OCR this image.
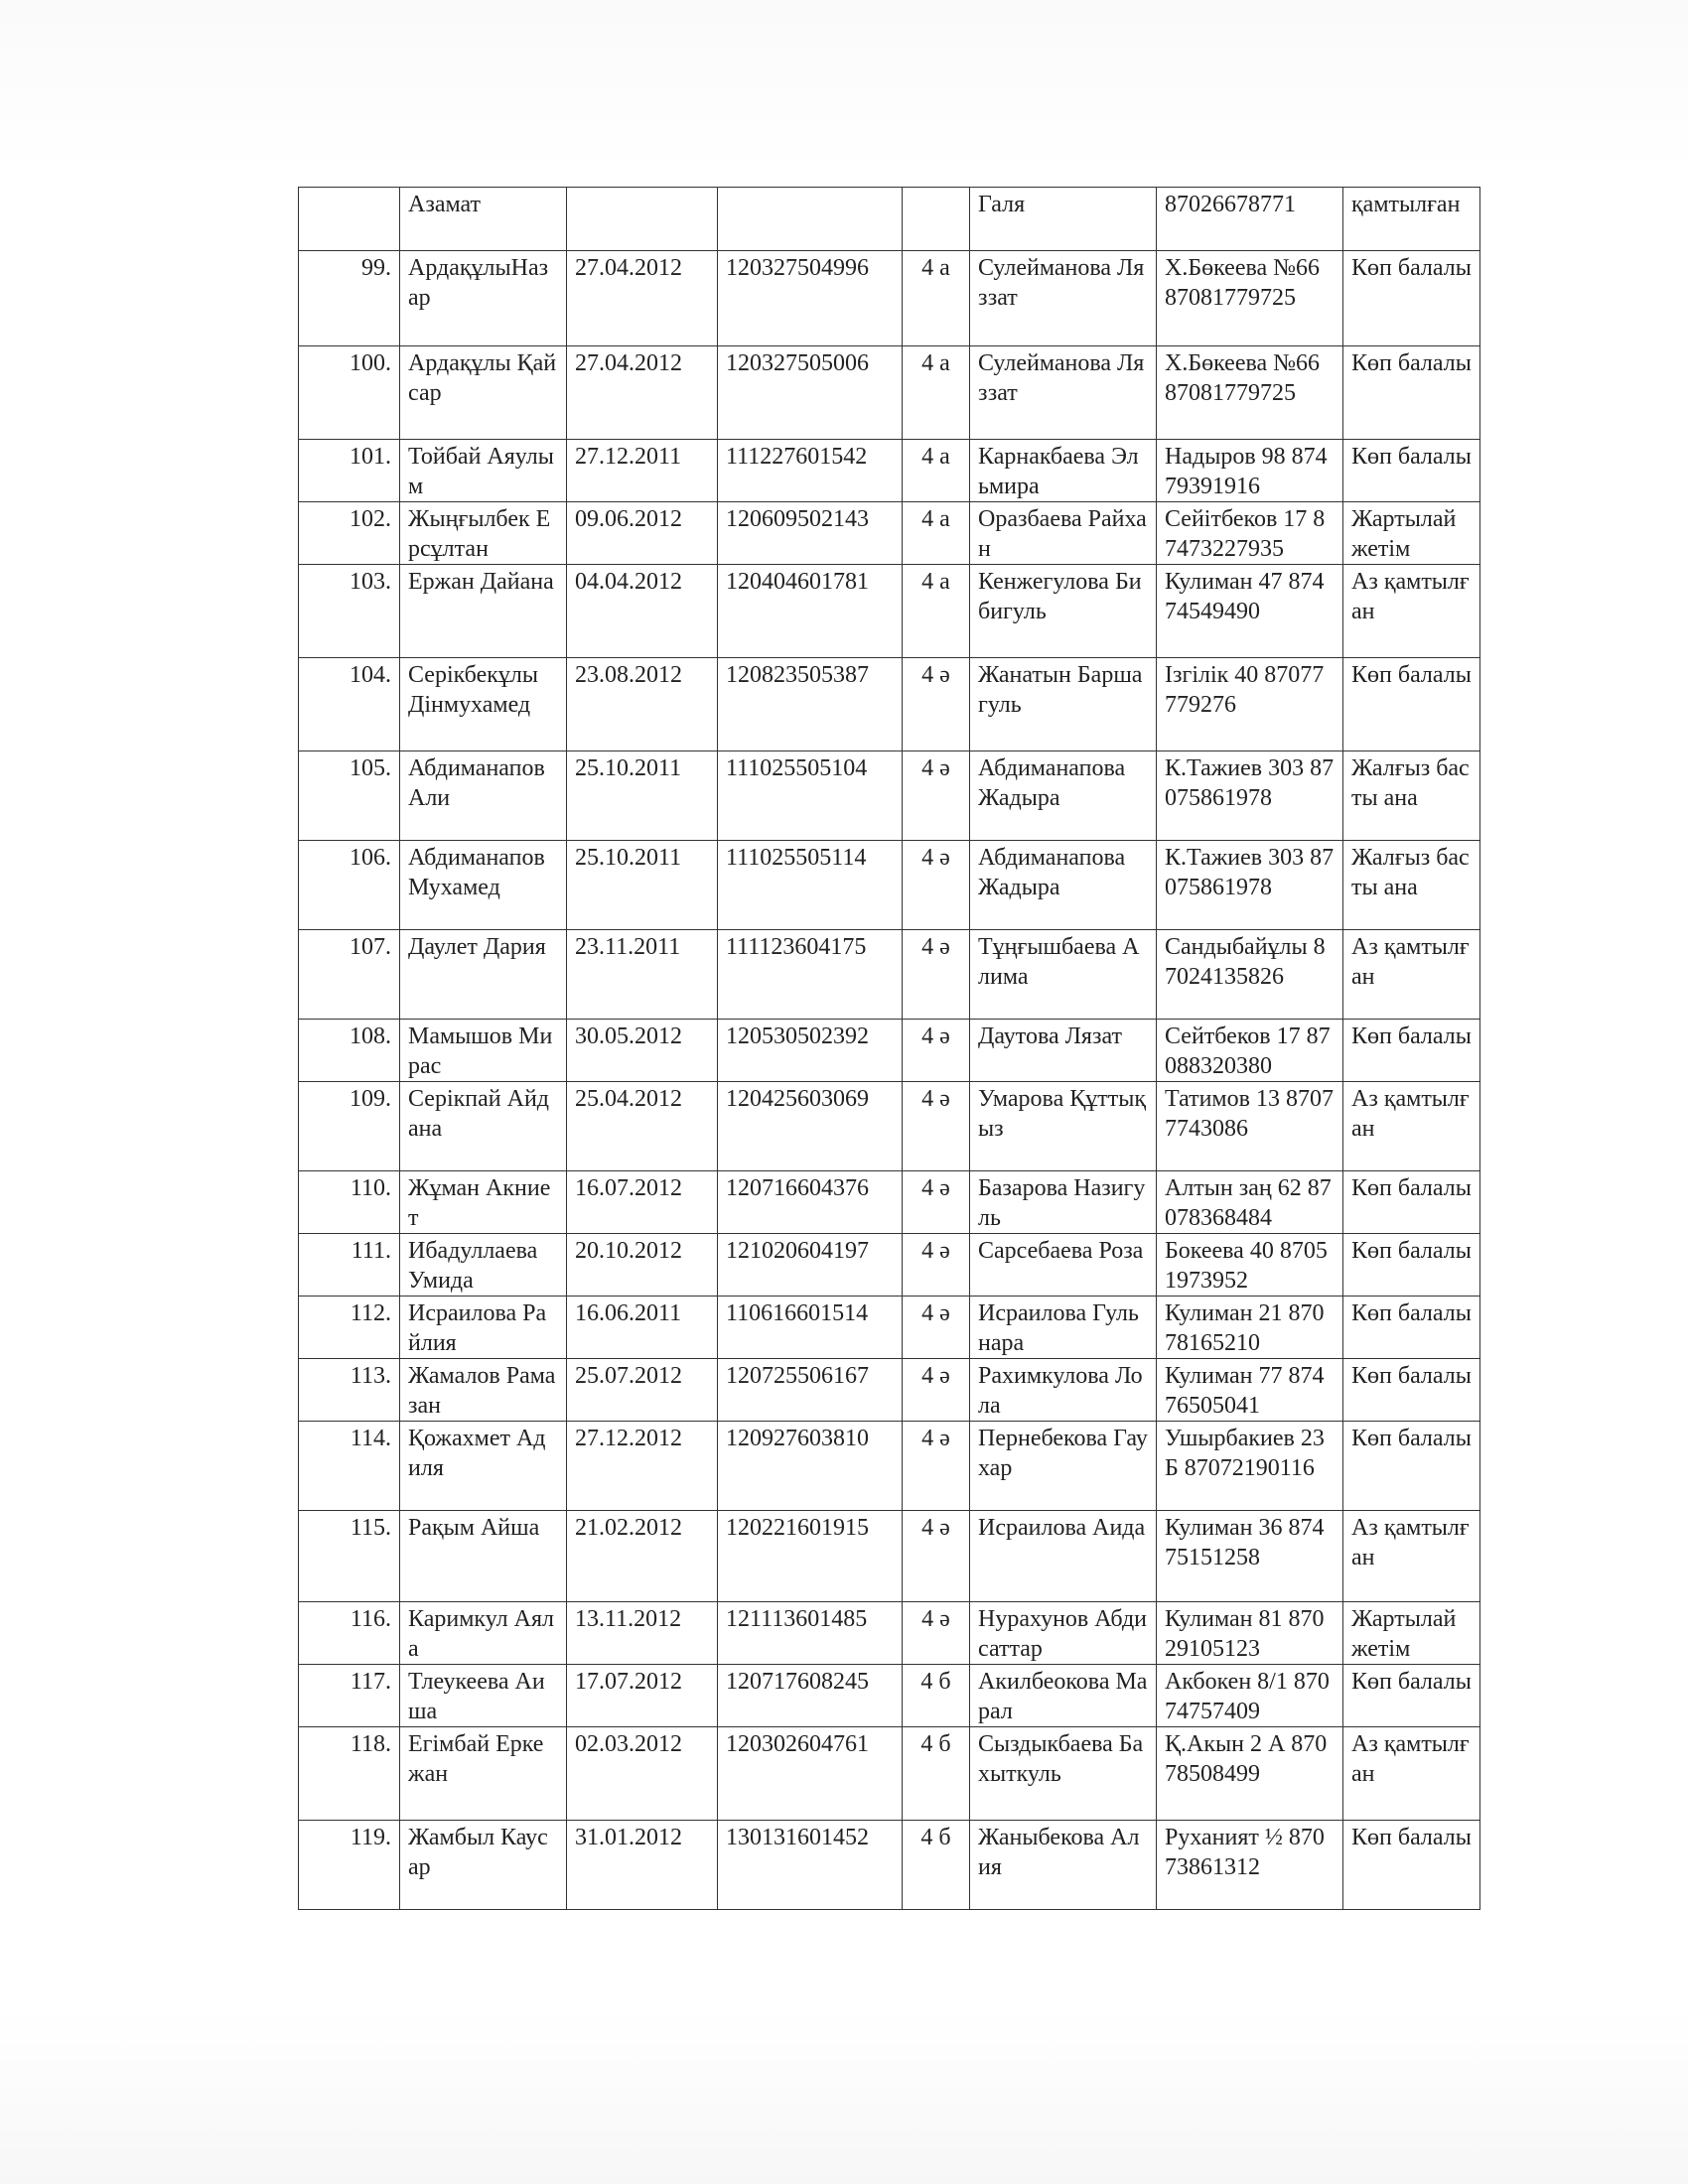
	Азамат				Галя	87026678771	қамтылған
99.	АрдақұлыНазар	27.04.2012	120327504996	4 а	Сулейманова Ляззат	Х.Бөкеева №66 87081779725	Көп балалы
100.	Ардақұлы Қайсар	27.04.2012	120327505006	4 а	Сулейманова Ляззат	Х.Бөкеева №66 87081779725	Көп балалы
101.	Тойбай Аяулым	27.12.2011	111227601542	4 а	Карнакбаева Эльмира	Надыров 98 87479391916	Көп балалы
102.	Жыңғылбек Ерсұлтан	09.06.2012	120609502143	4 а	Оразбаева Райхан	Сейітбеков 17 87473227935	Жартылай жетім
103.	Ержан Дайана	04.04.2012	120404601781	4 а	Кенжегулова Бибигуль	Кулиман 47 87474549490	Аз қамтылған
104.	Серікбекұлы Дінмухамед	23.08.2012	120823505387	4 ә	Жанатын Баршагуль	Ізгілік 40 87077779276	Көп балалы
105.	Абдиманапов Али	25.10.2011	111025505104	4 ә	Абдиманапова Жадыра	К.Тажиев 303 87075861978	Жалғыз басты ана
106.	Абдиманапов Мухамед	25.10.2011	111025505114	4 ә	Абдиманапова Жадыра	К.Тажиев 303 87075861978	Жалғыз басты ана
107.	Даулет Дария	23.11.2011	111123604175	4 ә	Тұңғышбаева Алима	Сандыбайұлы 87024135826	Аз қамтылған
108.	Мамышов Мирас	30.05.2012	120530502392	4 ә	Даутова Лязат	Сейтбеков 17 87088320380	Көп балалы
109.	Серікпай Айдана	25.04.2012	120425603069	4 ә	Умарова Құттықыз	Татимов 13 87077743086	Аз қамтылған
110.	Жұман Акниет	16.07.2012	120716604376	4 ә	Базарова Назигуль	Алтын заң 62 87078368484	Көп балалы
111.	Ибадуллаева Умида	20.10.2012	121020604197	4 ә	Сарсебаева Роза	Бокеева 40 87051973952	Көп балалы
112.	Исраилова Райлия	16.06.2011	110616601514	4 ә	Исраилова Гульнара	Кулиман 21 87078165210	Көп балалы
113.	Жамалов Рамазан	25.07.2012	120725506167	4 ә	Рахимкулова Лола	Кулиман 77 87476505041	Көп балалы
114.	Қожахмет Адиля	27.12.2012	120927603810	4 ә	Пернебекова Гаухар	Ушырбакиев 23 Б 87072190116	Көп балалы
115.	Рақым Айша	21.02.2012	120221601915	4 ә	Исраилова Аида	Кулиман 36 87475151258	Аз қамтылған
116.	Каримкул Аяла	13.11.2012	121113601485	4 ә	Нурахунов Абдисаттар	Кулиман 81 87029105123	Жартылай жетім
117.	Тлеукеева Аиша	17.07.2012	120717608245	4 б	Акилбеокова Марал	Акбокен 8/1 87074757409	Көп балалы
118.	Егімбай Еркежан	02.03.2012	120302604761	4 б	Сыздыкбаева Бахыткуль	Қ.Акын 2 А 87078508499	Аз қамтылған
119.	Жамбыл Каусар	31.01.2012	130131601452	4 б	Жаныбекова Алия	Руханият ½ 87073861312	Көп балалы
